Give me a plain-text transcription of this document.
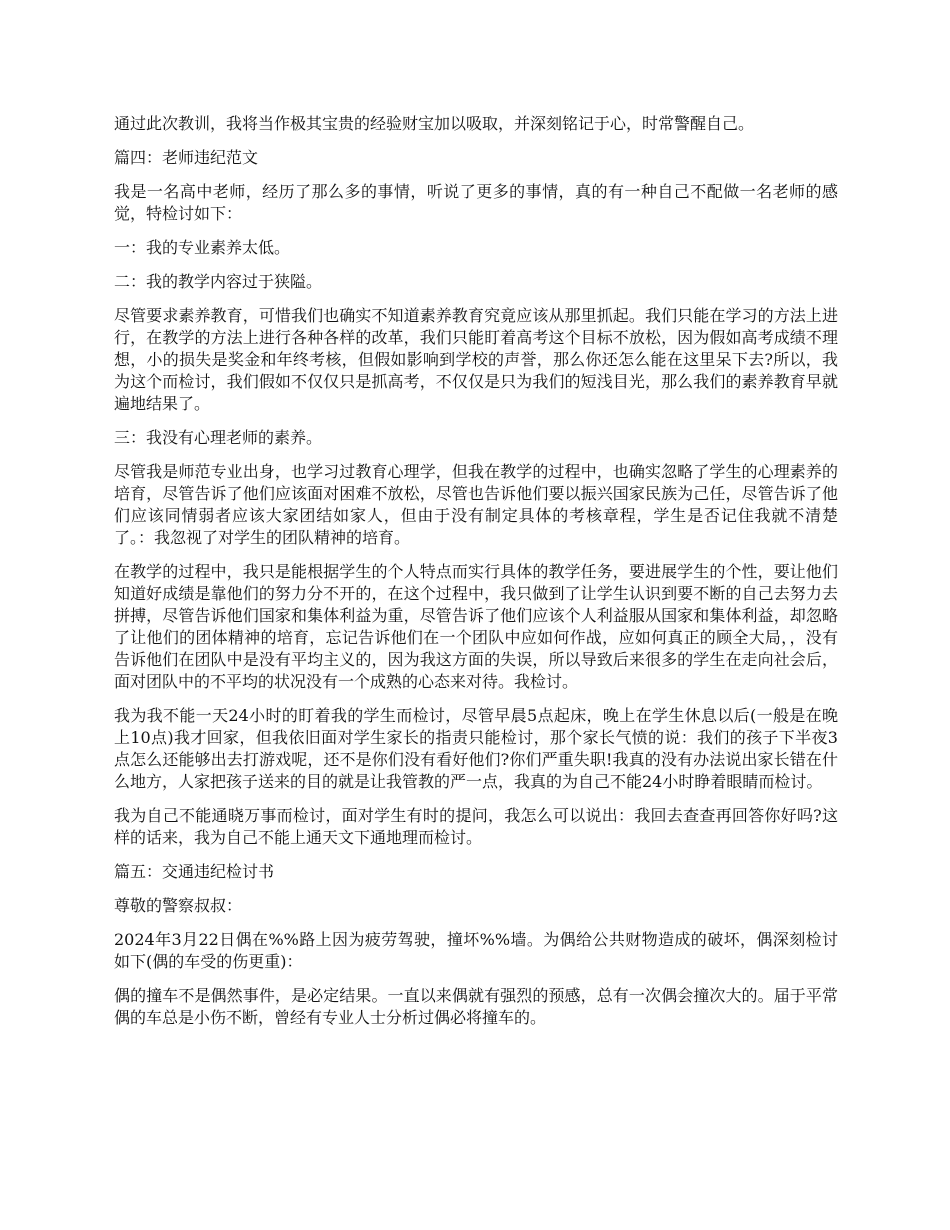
通过此次教训，我将当作极其宝贵的经验财宝加以吸取，并深刻铭记于心，时常警醒自己。

篇四：老师违纪范文

我是一名高中老师，经历了那么多的事情，听说了更多的事情，真的有一种自己不配做一名老师的感觉，特检讨如下：

一：我的专业素养太低。

二：我的教学内容过于狭隘。

尽管要求素养教育，可惜我们也确实不知道素养教育究竟应该从那里抓起。我们只能在学习的方法上进行，在教学的方法上进行各种各样的改革，我们只能盯着高考这个目标不放松，因为假如高考成绩不理想，小的损失是奖金和年终考核，但假如影响到学校的声誉，那么你还怎么能在这里呆下去?所以，我为这个而检讨，我们假如不仅仅只是抓高考，不仅仅是只为我们的短浅目光，那么我们的素养教育早就遍地结果了。

三：我没有心理老师的素养。

尽管我是师范专业出身，也学习过教育心理学，但我在教学的过程中，也确实忽略了学生的心理素养的培育，尽管告诉了他们应该面对困难不放松，尽管也告诉他们要以振兴国家民族为己任，尽管告诉了他们应该同情弱者应该大家团结如家人，但由于没有制定具体的考核章程，学生是否记住我就不清楚了。：我忽视了对学生的团队精神的培育。

在教学的过程中，我只是能根据学生的个人特点而实行具体的教学任务，要进展学生的个性，要让他们知道好成绩是靠他们的努力分不开的，在这个过程中，我只做到了让学生认识到要不断的自己去努力去拼搏，尽管告诉他们国家和集体利益为重，尽管告诉了他们应该个人利益服从国家和集体利益，却忽略了让他们的团体精神的培育，忘记告诉他们在一个团队中应如何作战，应如何真正的顾全大局，，没有告诉他们在团队中是没有平均主义的，因为我这方面的失误，所以导致后来很多的学生在走向社会后，面对团队中的不平均的状况没有一个成熟的心态来对待。我检讨。

我为我不能一天24小时的盯着我的学生而检讨，尽管早晨5点起床，晚上在学生休息以后(一般是在晚上10点)我才回家，但我依旧面对学生家长的指责只能检讨，那个家长气愤的说：我们的孩子下半夜3点怎么还能够出去打游戏呢，还不是你们没有看好他们?你们严重失职!我真的没有办法说出家长错在什么地方，人家把孩子送来的目的就是让我管教的严一点，我真的为自己不能24小时睁着眼睛而检讨。

我为自己不能通晓万事而检讨，面对学生有时的提问，我怎么可以说出：我回去查查再回答你好吗?这样的话来，我为自己不能上通天文下通地理而检讨。

篇五：交通违纪检讨书

尊敬的警察叔叔：

2024年3月22日偶在%%路上因为疲劳驾驶，撞坏%%墙。为偶给公共财物造成的破坏，偶深刻检讨如下(偶的车受的伤更重)：

偶的撞车不是偶然事件，是必定结果。一直以来偶就有强烈的预感，总有一次偶会撞次大的。届于平常偶的车总是小伤不断，曾经有专业人士分析过偶必将撞车的。
